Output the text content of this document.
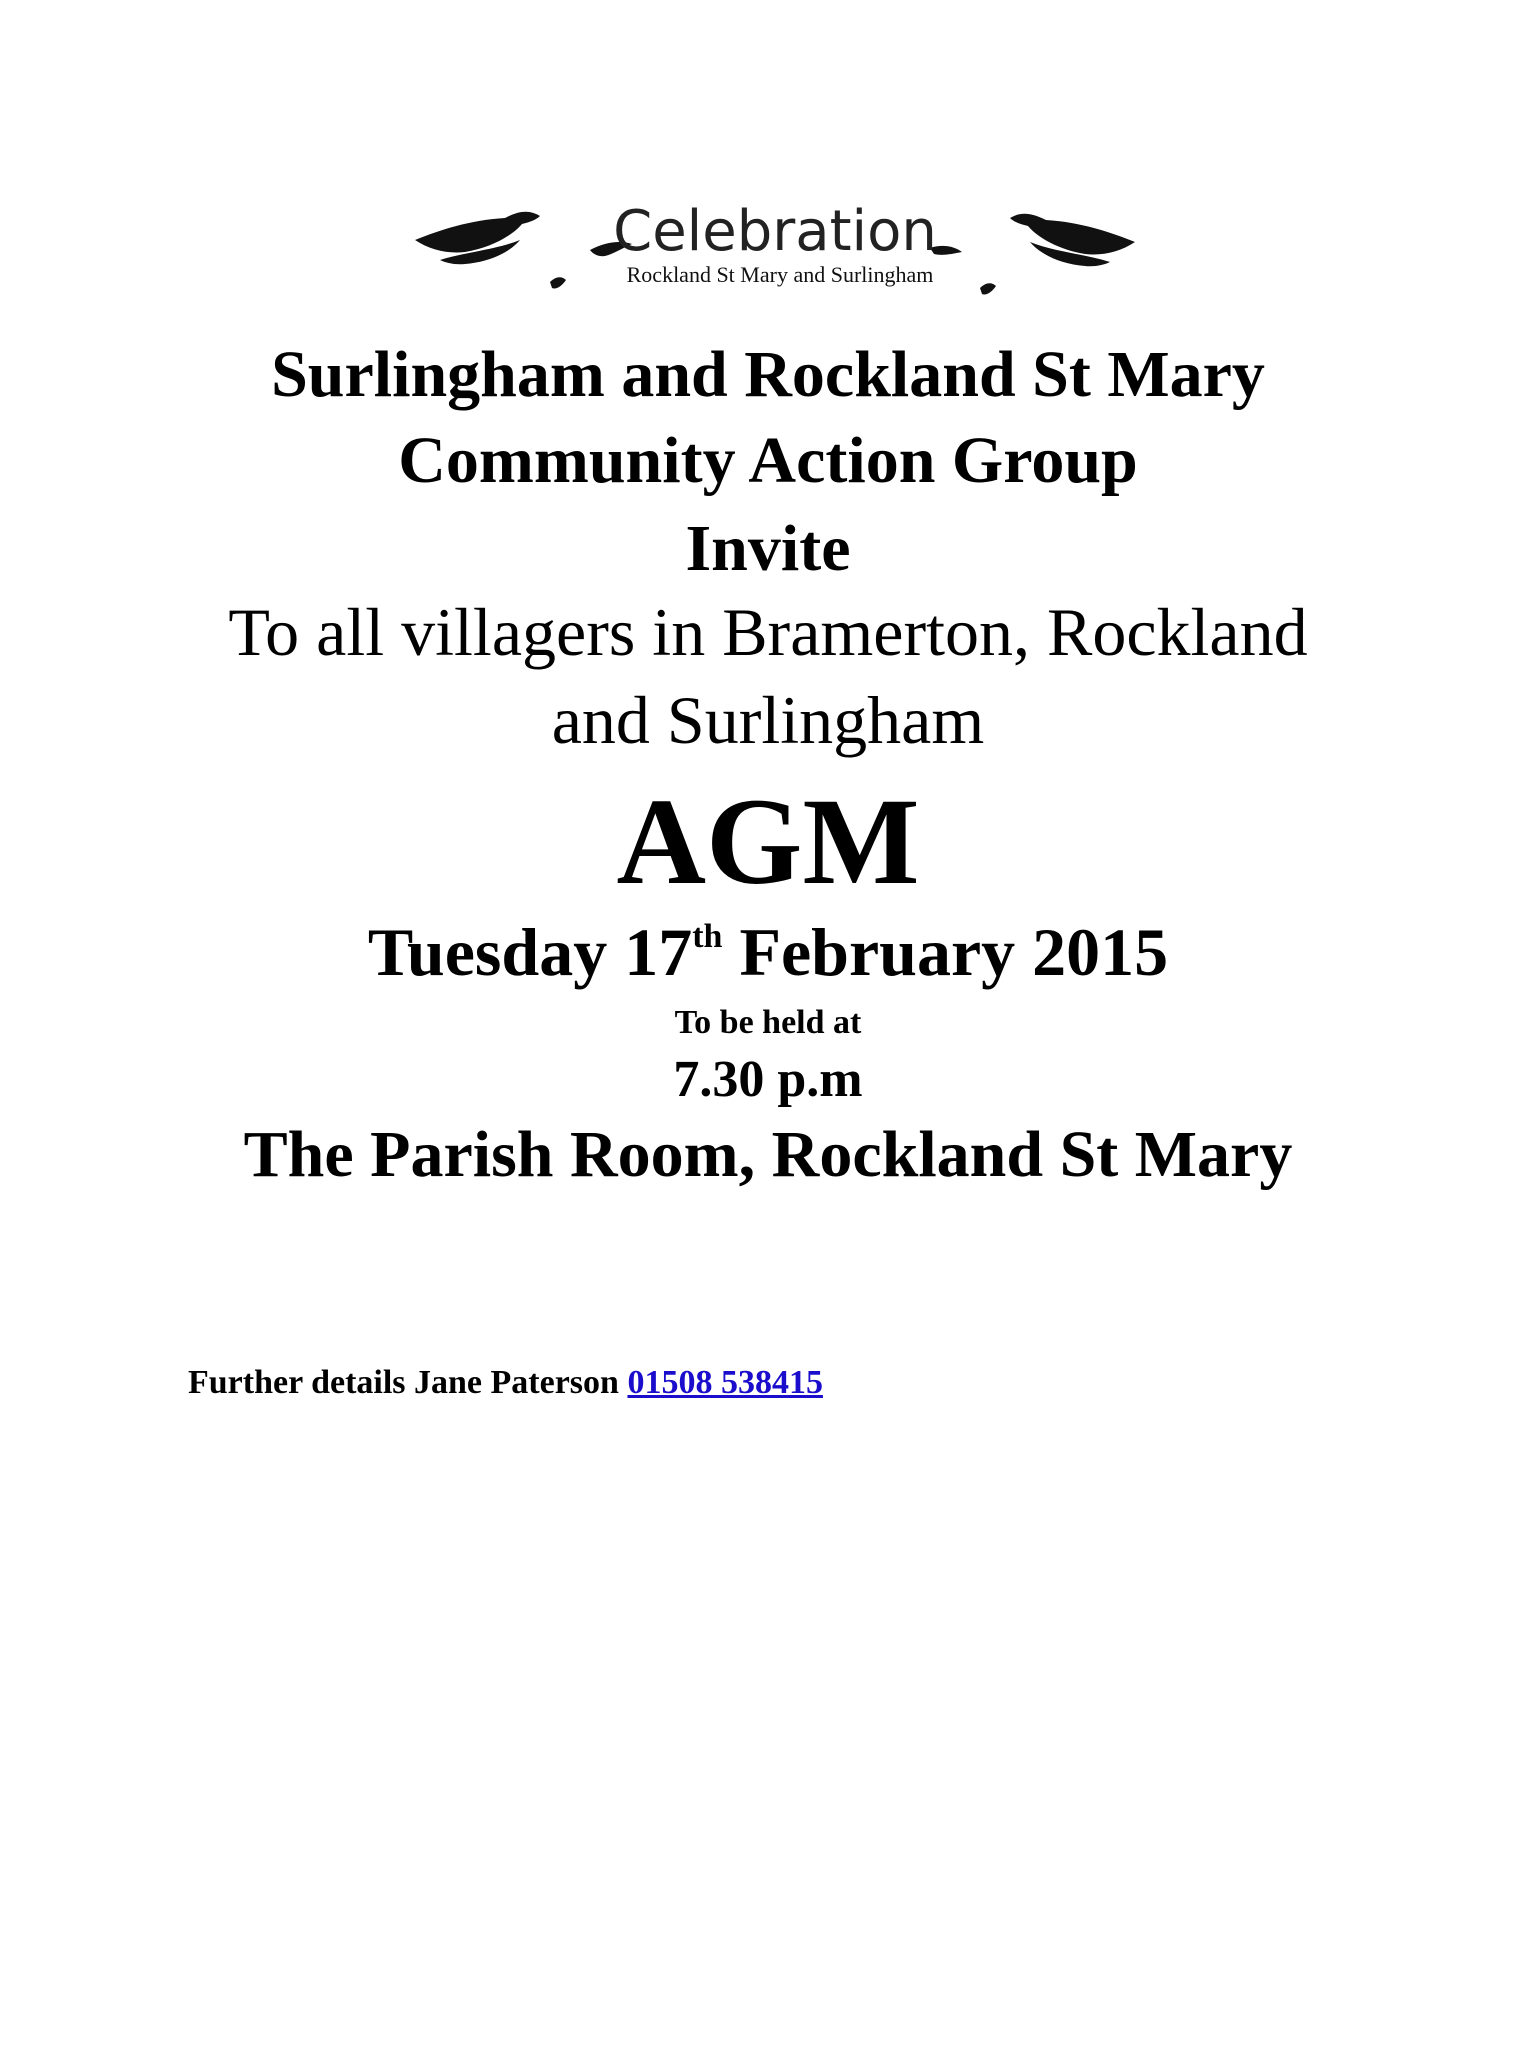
Celebration
Rockland St Mary and Surlingham
Surlingham and Rockland St Mary
Community Action Group
Invite
To all villagers in Bramerton, Rockland
and Surlingham
AGM
Tuesday 17th February 2015
To be held at
7.30 p.m
The Parish Room, Rockland St Mary
Further details Jane Paterson 01508 538415
